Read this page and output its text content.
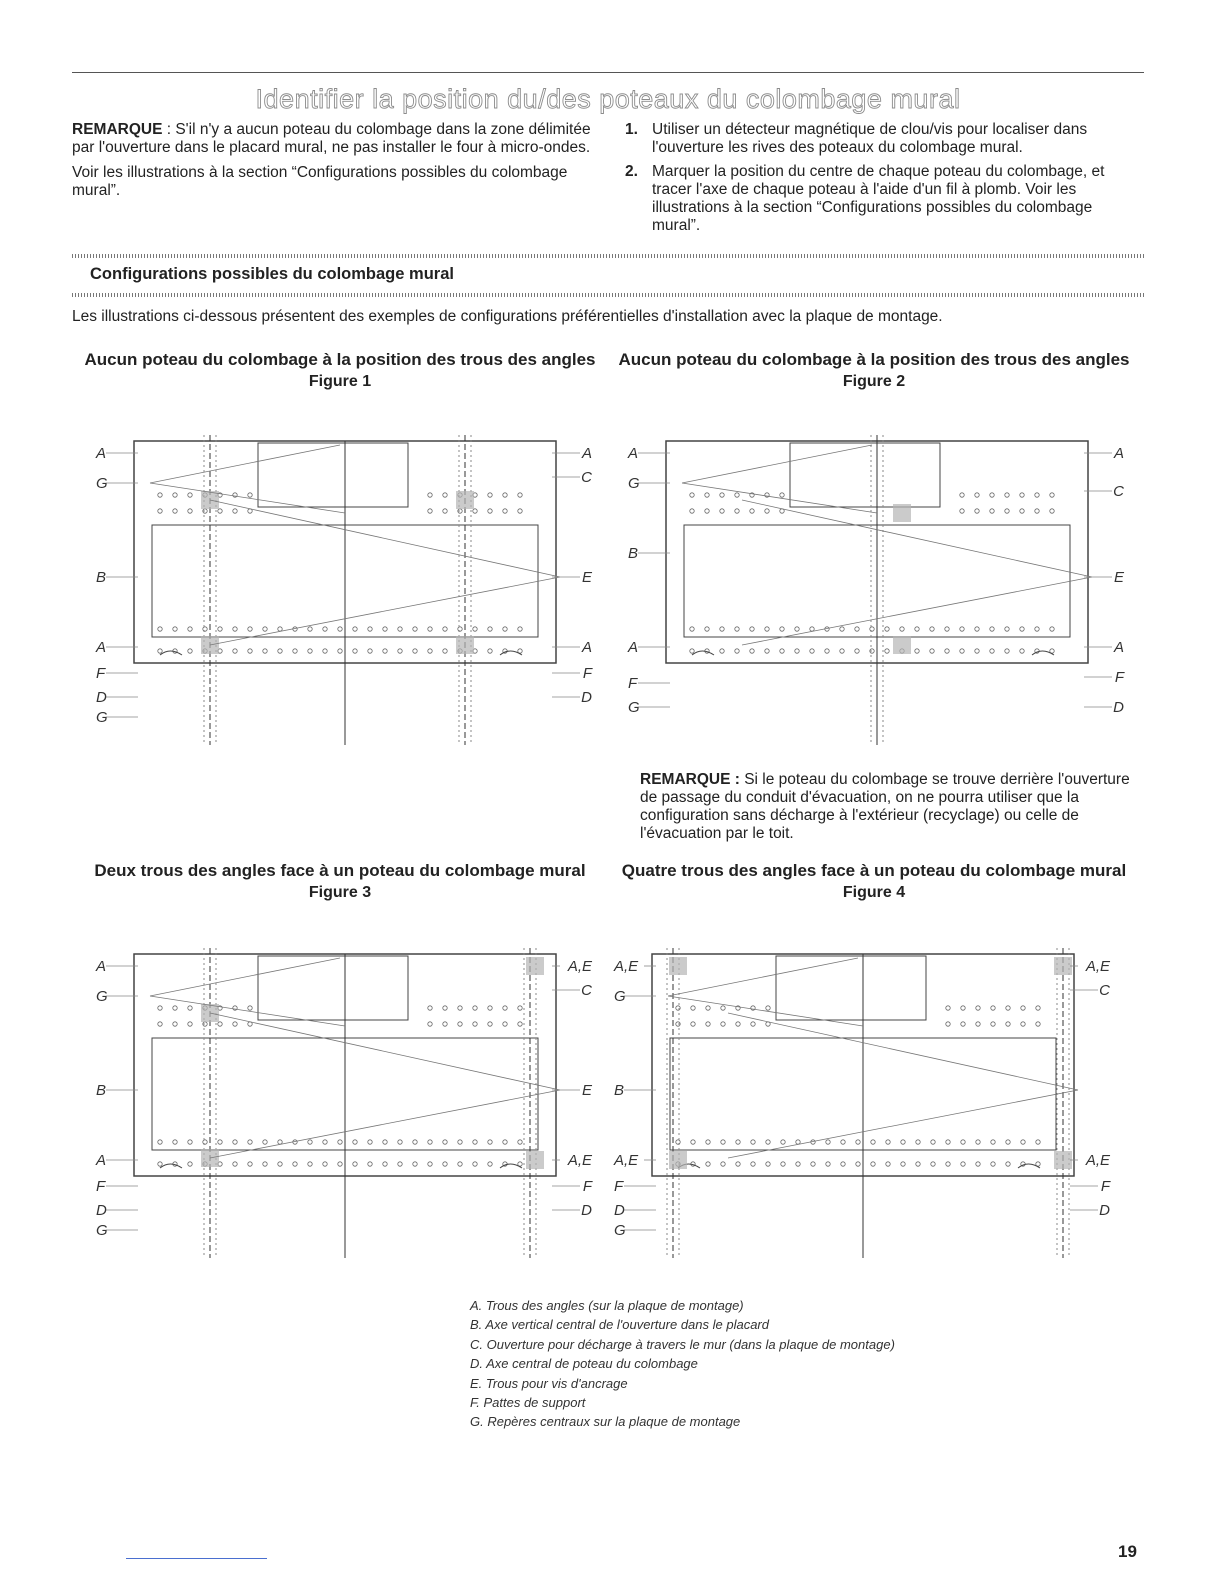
Identifier la position du/des poteaux du colombage mural

REMARQUE : S'il n'y a aucun poteau du colombage dans la zone délimitée par l'ouverture dans le placard mural, ne pas installer le four à micro-ondes.

Voir les illustrations à la section “Configurations possibles du colombage mural”.

1. Utiliser un détecteur magnétique de clou/vis pour localiser dans l'ouverture les rives des poteaux du colombage mural.
2. Marquer la position du centre de chaque poteau du colombage, et tracer l'axe de chaque poteau à l'aide d'un fil à plomb. Voir les illustrations à la section “Configurations possibles du colombage mural”.
Configurations possibles du colombage mural
Les illustrations ci-dessous présentent des exemples de configurations préférentielles d'installation avec la plaque de montage.
Aucun poteau du colombage à la position des trous des angles
Figure 1
Aucun poteau du colombage à la position des trous des angles
Figure 2
Deux trous des angles face à un poteau du colombage mural
Figure 3
Quatre trous des angles face à un poteau du colombage mural
Figure 4
A
G
B
A
F
D
G
A
C
E
A
F
D
A
G
B
A
F
G
A
C
E
A
F
D
A
G
B
A
F
D
G
A,E
C
E
A,E
F
D
A,E
G
B
A,E
F
D
G
A,E
C
A,E
F
D
REMARQUE : Si le poteau du colombage se trouve derrière l'ouverture de passage du conduit d'évacuation, on ne pourra utiliser que la configuration sans décharge à l'extérieur (recyclage) ou celle de l'évacuation par le toit.
A. Trous des angles (sur la plaque de montage)
B. Axe vertical central de l'ouverture dans le placard
C. Ouverture pour décharge à travers le mur (dans la plaque de montage)
D. Axe central de poteau du colombage
E. Trous pour vis d'ancrage
F. Pattes de support
G. Repères centraux sur la plaque de montage
19
